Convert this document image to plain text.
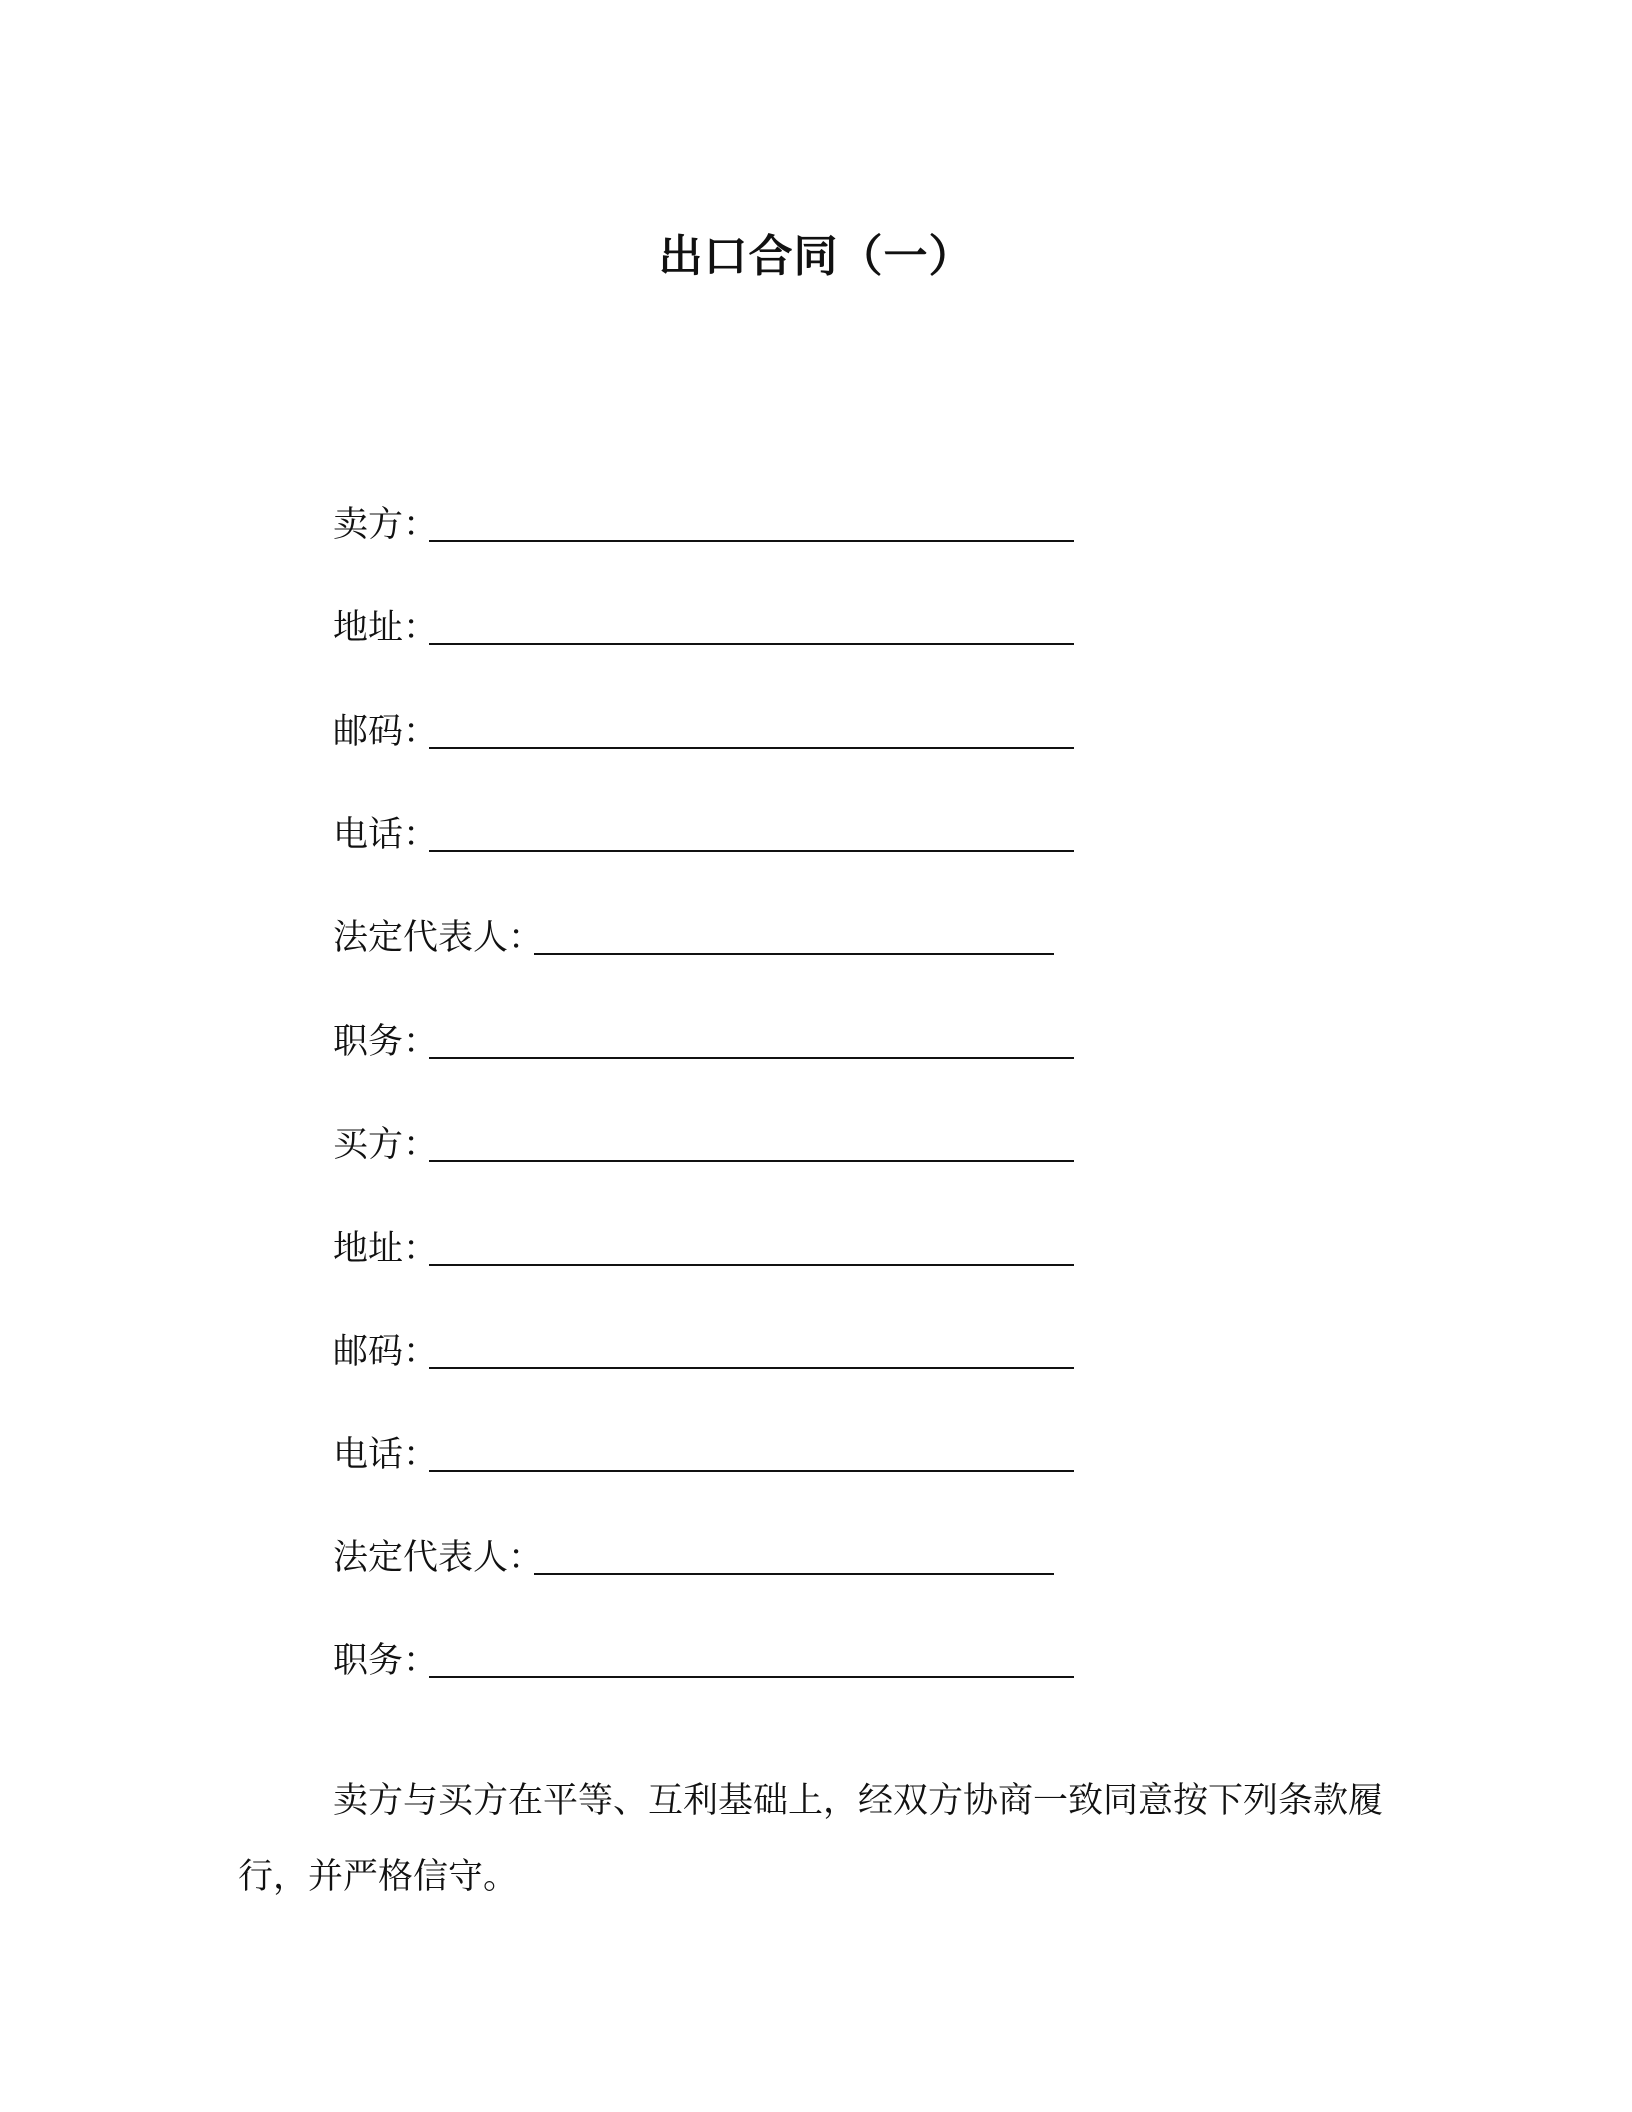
出口合同（一）
卖方：
地址：
邮码：
电话：
法定代表人：
职务：
买方：
地址：
邮码：
电话：
法定代表人：
职务：

卖方与买方在平等、互利基础上，经双方协商一致同意按下列条款履行，并严格信守。
